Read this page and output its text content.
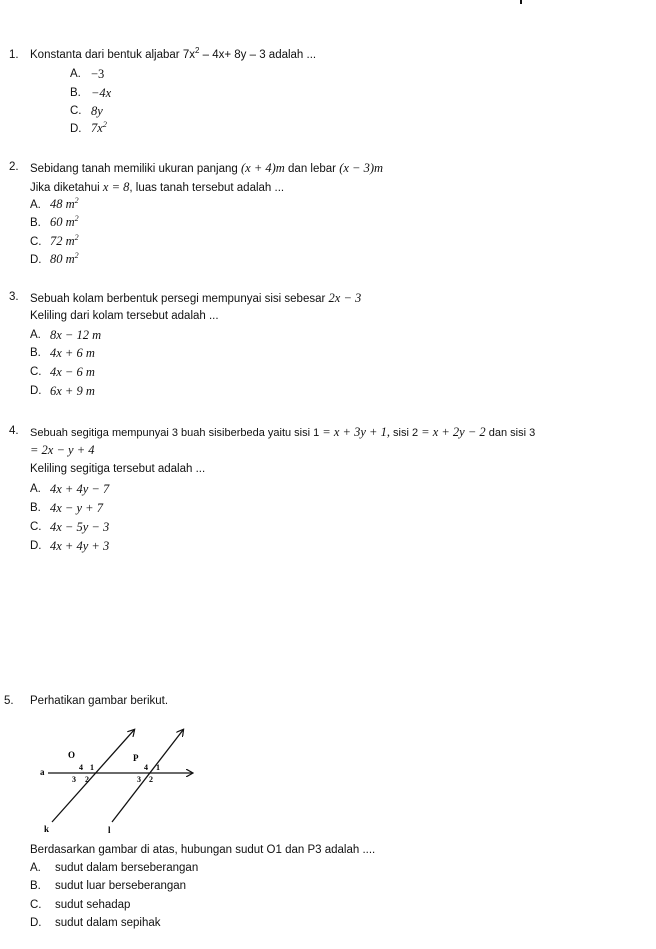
1. Konstanta dari bentuk aljabar $7x^2 - 4x+ 8y - 3$ adalah ...
A. −3
B. −4x
C. 8y
D. $7x^2$
2. Sebidang tanah memiliki ukuran panjang (x + 4)m dan lebar (x − 3)m
Jika diketahui x = 8, luas tanah tersebut adalah ...
A. 48 $m^2$
B. 60 $m^2$
C. 72 $m^2$
D. 80 $m^2$
3. Sebuah kolam berbentuk persegi mempunyai sisi sebesar 2x − 3
Keliling dari kolam tersebut adalah ...
A. 8x − 12 m
B. 4x + 6 m
C. 4x − 6 m
D. 6x + 9 m
4. Sebuah segitiga mempunyai 3 buah sisiberbeda yaitu sisi 1 = x + 3y + 1, sisi 2 = x + 2y − 2 dan sisi 3
= 2x − y + 4
Keliling segitiga tersebut adalah ...
A. 4x + 4y − 7
B. 4x − y + 7
C. 4x − 5y − 3
D. 4x + 4y + 3
5. Perhatikan gambar berikut.
a
O	P
k	l
4 1
3 2
4 1
3 2
Berdasarkan gambar di atas, hubungan sudut O1 dan P3 adalah ....
A. sudut dalam berseberangan
B. sudut luar berseberangan
C. sudut sehadap
D. sudut dalam sepihak
